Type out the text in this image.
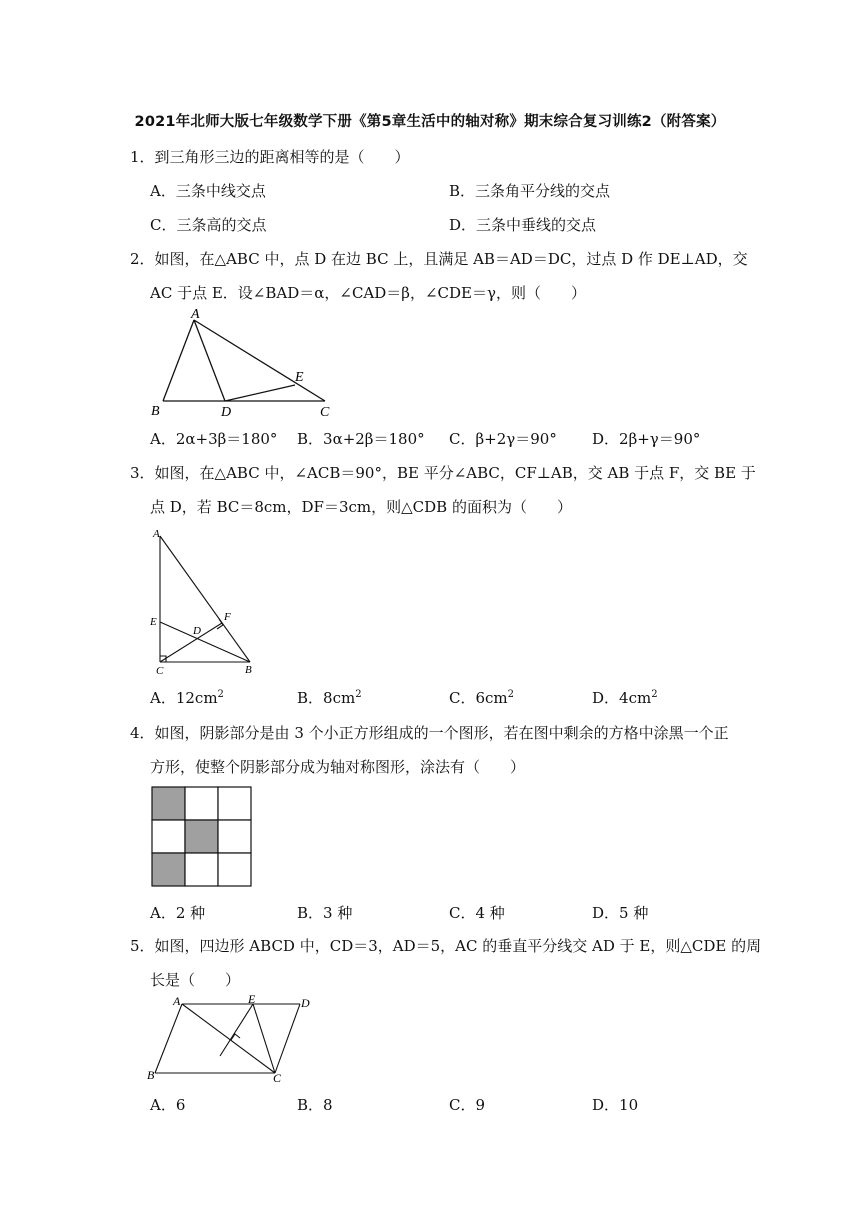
2021年北师大版七年级数学下册《第5章生活中的轴对称》期末综合复习训练2（附答案）
1．到三角形三边的距离相等的是（　　）
A．三条中线交点	B．三条角平分线的交点
C．三条高的交点	D．三条中垂线的交点
2．如图，在△ABC 中，点 D 在边 BC 上，且满足 AB＝AD＝DC，过点 D 作 DE⊥AD，交
AC 于点 E．设∠BAD＝α，∠CAD＝β，∠CDE＝γ，则（　　）
A
B	D
E
C
A．2α+3β＝180° B．3α+2β＝180° C．β+2γ＝90° D．2β+γ＝90°
3．如图，在△ABC 中，∠ACB＝90°，BE 平分∠ABC，CF⊥AB，交 AB 于点 F，交 BE 于
点 D，若 BC＝8cm，DF＝3cm，则△CDB 的面积为（　　）
A
E
D
F
C	B
A．$12cm^2$	B．$8cm^2$	C．$6cm^2$	D．$4cm^2$
4．如图，阴影部分是由 3 个小正方形组成的一个图形，若在图中剩余的方格中涂黑一个正
方形，使整个阴影部分成为轴对称图形，涂法有（　　）
A．2 种	B．3 种	C．4 种	D．5 种
5．如图，四边形 ABCD 中，CD＝3，AD＝5，AC 的垂直平分线交 AD 于 E，则△CDE 的周
长是（　　）
A	E	D
B	C
A．6	B．8	C．9	D．10
